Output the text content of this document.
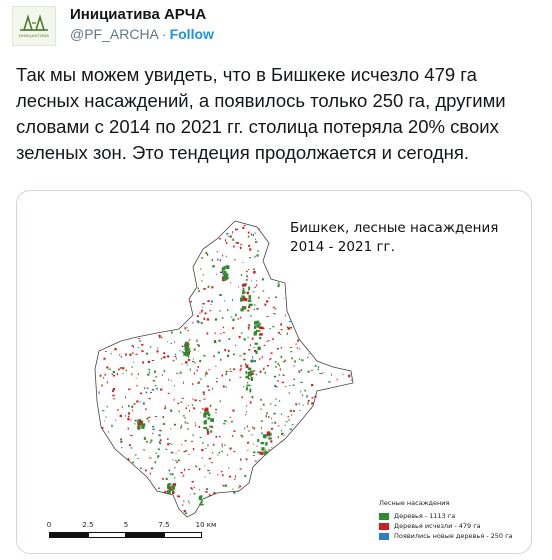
ИНИЦИАТИВА
Инициатива АРЧА
@PF_ARCHA · Follow
Так мы можем увидеть, что в Бишкеке исчезло 479 га лесных насаждений, а появилось только 250 га, другими словами с 2014 по 2021 гг. столица потеряла 20% своих зеленых зон. Это тендеция продолжается и сегодня.
Бишкек, лесные насаждения
2014 - 2021 гг.
Лесные насаждения
Деревья - 1113 га
Деревья исчезли - 479 га
Появились новые деревья - 250 га
0	2.5	5	7.5	10 км
